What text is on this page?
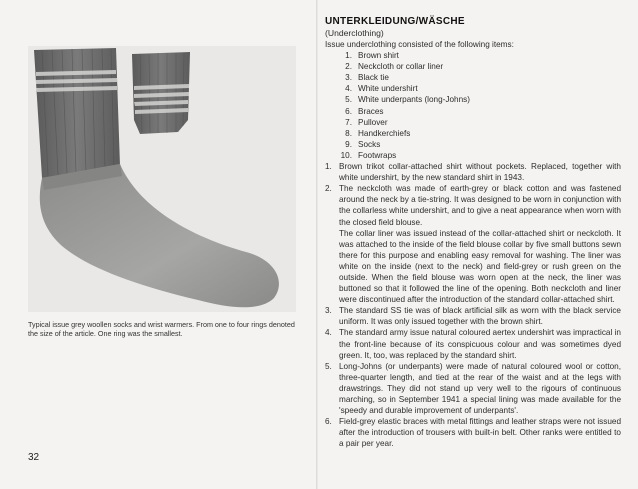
Typical issue grey woollen socks and wrist warmers. From one to four rings denoted the size of the article. One ring was the smallest.
32
UNTERKLEIDUNG/WÄSCHE
(Underclothing)

Issue underclothing consisted of the following items:

1. Brown shirt
2. Neckcloth or collar liner
3. Black tie
4. White undershirt
5. White underpants (long-Johns)
6. Braces
7. Pullover
8. Handkerchiefs
9. Socks
10. Footwraps
1. Brown trikot collar-attached shirt without pockets. Replaced, together with white undershirt, by the new standard shirt in 1943.

2. The neckcloth was made of earth-grey or black cotton and was fastened around the neck by a tie-string. It was designed to be worn in conjunction with the collarless white undershirt, and to give a neat appearance when worn with the closed field blouse.

The collar liner was issued instead of the collar-attached shirt or neckcloth. It was attached to the inside of the field blouse collar by five small buttons sewn there for this purpose and enabling easy removal for washing. The liner was white on the inside (next to the neck) and field-grey or rush green on the outside. When the field blouse was worn open at the neck, the liner was buttoned so that it followed the line of the opening. Both neckcloth and liner were discontinued after the introduction of the standard collar-attached shirt.

3. The standard SS tie was of black artificial silk as worn with the black service uniform. It was only issued together with the brown shirt.

4. The standard army issue natural coloured aertex undershirt was impractical in the front-line because of its conspicuous colour and was sometimes dyed green. It, too, was replaced by the standard shirt.

5. Long-Johns (or underpants) were made of natural coloured wool or cotton, three-quarter length, and tied at the rear of the waist and at the legs with drawstrings. They did not stand up very well to the rigours of continuous marching, so in September 1941 a special lining was made available for the 'speedy and durable improvement of underpants'.

6. Field-grey elastic braces with metal fittings and leather straps were not issued after the introduction of trousers with built-in belt. Other ranks were entitled to a pair per year.
